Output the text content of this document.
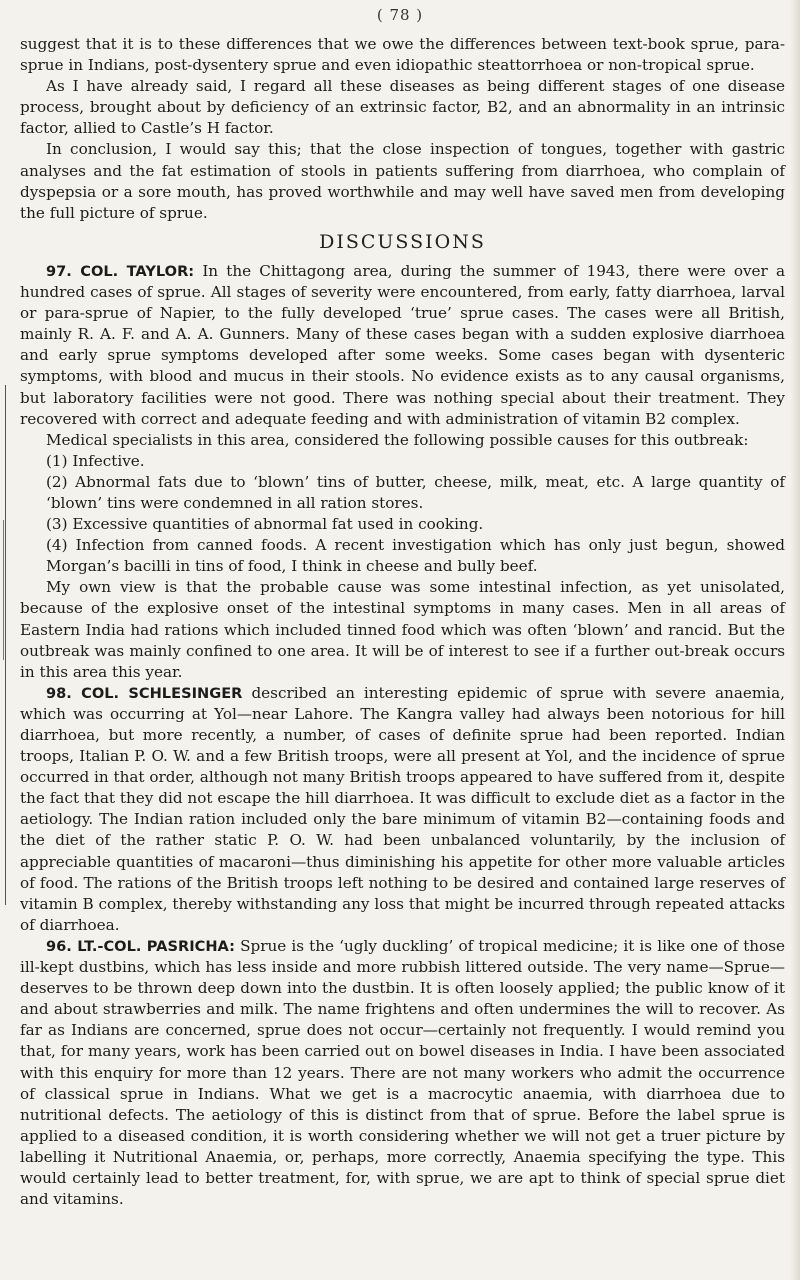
( 78 )

suggest that it is to these differences that we owe the differences between text-book sprue, para-sprue in Indians, post-dysentery sprue and even idiopathic steattorrhoea or non-tropical sprue.

As I have already said, I regard all these diseases as being different stages of one disease process, brought about by deficiency of an extrinsic factor, B2, and an abnormality in an intrinsic factor, allied to Castle’s H factor.

In conclusion, I would say this; that the close inspection of tongues, together with gastric analyses and the fat estimation of stools in patients suffering from diarrhoea, who complain of dyspepsia or a sore mouth, has proved worthwhile and may well have saved men from developing the full picture of sprue.

DISCUSSIONS

97. COL. TAYLOR: In the Chittagong area, during the summer of 1943, there were over a hundred cases of sprue. All stages of severity were encountered, from early, fatty diarrhoea, larval or para-sprue of Napier, to the fully developed ‘true’ sprue cases. The cases were all British, mainly R. A. F. and A. A. Gunners. Many of these cases began with a sudden explosive diarrhoea and early sprue symptoms developed after some weeks. Some cases began with dysenteric symptoms, with blood and mucus in their stools. No evidence exists as to any causal organisms, but laboratory facilities were not good. There was nothing special about their treatment. They recovered with correct and adequate feeding and with administration of vitamin B2 complex.

Medical specialists in this area, considered the following possible causes for this outbreak:

(1) Infective.

(2) Abnormal fats due to ‘blown’ tins of butter, cheese, milk, meat, etc. A large quantity of ‘blown’ tins were condemned in all ration stores.

(3) Excessive quantities of abnormal fat used in cooking.

(4) Infection from canned foods. A recent investigation which has only just begun, showed Morgan’s bacilli in tins of food, I think in cheese and bully beef.

My own view is that the probable cause was some intestinal infection, as yet unisolated, because of the explosive onset of the intestinal symptoms in many cases. Men in all areas of Eastern India had rations which included tinned food which was often ‘blown’ and rancid. But the outbreak was mainly confined to one area. It will be of interest to see if a further out-break occurs in this area this year.

98. COL. SCHLESINGER described an interesting epidemic of sprue with severe anaemia, which was occurring at Yol—near Lahore. The Kangra valley had always been notorious for hill diarrhoea, but more recently, a number, of cases of definite sprue had been reported. Indian troops, Italian P. O. W. and a few British troops, were all present at Yol, and the incidence of sprue occurred in that order, although not many British troops appeared to have suffered from it, despite the fact that they did not escape the hill diarrhoea. It was difficult to exclude diet as a factor in the aetiology. The Indian ration included only the bare minimum of vitamin B2—containing foods and the diet of the rather static P. O. W. had been unbalanced voluntarily, by the inclusion of appreciable quantities of macaroni—thus diminishing his appetite for other more valuable articles of food. The rations of the British troops left nothing to be desired and contained large reserves of vitamin B complex, thereby withstanding any loss that might be incurred through repeated attacks of diarrhoea.

96. LT.-COL. PASRICHA: Sprue is the ‘ugly duckling’ of tropical medicine; it is like one of those ill-kept dustbins, which has less inside and more rubbish littered outside. The very name—Sprue—deserves to be thrown deep down into the dustbin. It is often loosely applied; the public know of it and about strawberries and milk. The name frightens and often undermines the will to recover. As far as Indians are concerned, sprue does not occur—certainly not frequently. I would remind you that, for many years, work has been carried out on bowel diseases in India. I have been associated with this enquiry for more than 12 years. There are not many workers who admit the occurrence of classical sprue in Indians. What we get is a macrocytic anaemia, with diarrhoea due to nutritional defects. The aetiology of this is distinct from that of sprue. Before the label sprue is applied to a diseased condition, it is worth considering whether we will not get a truer picture by labelling it Nutritional Anaemia, or, perhaps, more correctly, Anaemia specifying the type. This would certainly lead to better treatment, for, with sprue, we are apt to think of special sprue diet and vitamins.
